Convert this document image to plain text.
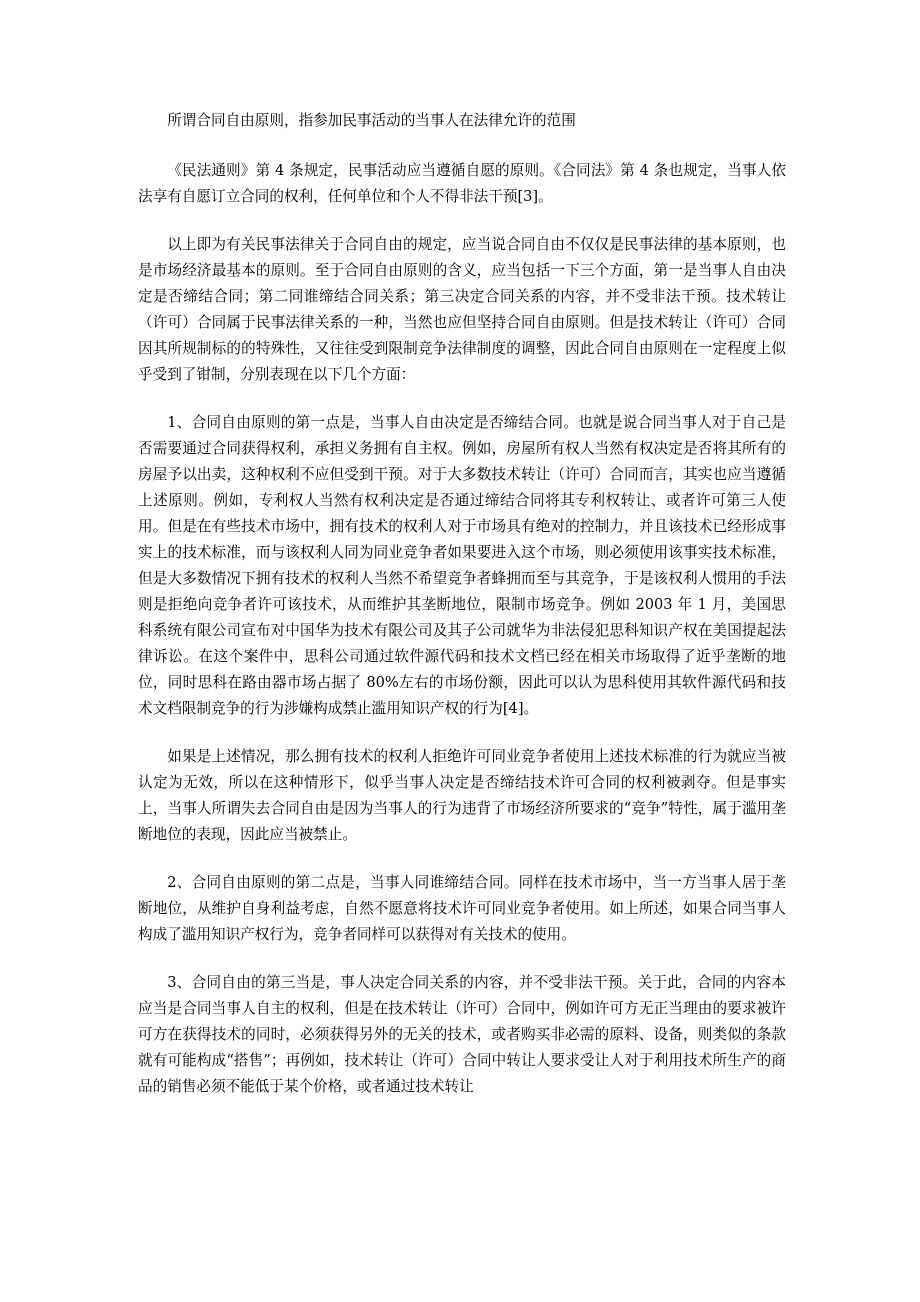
所谓合同自由原则，指参加民事活动的当事人在法律允许的范围

《民法通则》第 4 条规定，民事活动应当遵循自愿的原则。《合同法》第 4 条也规定，当事人依法享有自愿订立合同的权利，任何单位和个人不得非法干预[3]。

以上即为有关民事法律关于合同自由的规定，应当说合同自由不仅仅是民事法律的基本原则，也是市场经济最基本的原则。至于合同自由原则的含义，应当包括一下三个方面，第一是当事人自由决定是否缔结合同；第二同谁缔结合同关系；第三决定合同关系的内容，并不受非法干预。技术转让（许可）合同属于民事法律关系的一种，当然也应但坚持合同自由原则。但是技术转让（许可）合同因其所规制标的的特殊性，又往往受到限制竞争法律制度的调整，因此合同自由原则在一定程度上似乎受到了钳制，分别表现在以下几个方面：

1、合同自由原则的第一点是，当事人自由决定是否缔结合同。也就是说合同当事人对于自己是否需要通过合同获得权利，承担义务拥有自主权。例如，房屋所有权人当然有权决定是否将其所有的房屋予以出卖，这种权利不应但受到干预。对于大多数技术转让（许可）合同而言，其实也应当遵循上述原则。例如，专利权人当然有权利决定是否通过缔结合同将其专利权转让、或者许可第三人使用。但是在有些技术市场中，拥有技术的权利人对于市场具有绝对的控制力，并且该技术已经形成事实上的技术标准，而与该权利人同为同业竞争者如果要进入这个市场，则必须使用该事实技术标准，但是大多数情况下拥有技术的权利人当然不希望竞争者蜂拥而至与其竞争，于是该权利人惯用的手法则是拒绝向竞争者许可该技术，从而维护其垄断地位，限制市场竞争。例如 2003 年 1 月，美国思科系统有限公司宣布对中国华为技术有限公司及其子公司就华为非法侵犯思科知识产权在美国提起法律诉讼。在这个案件中，思科公司通过软件源代码和技术文档已经在相关市场取得了近乎垄断的地位，同时思科在路由器市场占据了 80%左右的市场份额，因此可以认为思科使用其软件源代码和技术文档限制竞争的行为涉嫌构成禁止滥用知识产权的行为[4]。

如果是上述情况，那么拥有技术的权利人拒绝许可同业竞争者使用上述技术标准的行为就应当被认定为无效，所以在这种情形下，似乎当事人决定是否缔结技术许可合同的权利被剥夺。但是事实上，当事人所谓失去合同自由是因为当事人的行为违背了市场经济所要求的“竞争”特性，属于滥用垄断地位的表现，因此应当被禁止。

2、合同自由原则的第二点是，当事人同谁缔结合同。同样在技术市场中，当一方当事人居于垄断地位，从维护自身利益考虑，自然不愿意将技术许可同业竞争者使用。如上所述，如果合同当事人构成了滥用知识产权行为，竞争者同样可以获得对有关技术的使用。

3、合同自由的第三当是，事人决定合同关系的内容，并不受非法干预。关于此，合同的内容本应当是合同当事人自主的权利，但是在技术转让（许可）合同中，例如许可方无正当理由的要求被许可方在获得技术的同时，必须获得另外的无关的技术，或者购买非必需的原料、设备，则类似的条款就有可能构成“搭售”；再例如，技术转让（许可）合同中转让人要求受让人对于利用技术所生产的商品的销售必须不能低于某个价格，或者通过技术转让
